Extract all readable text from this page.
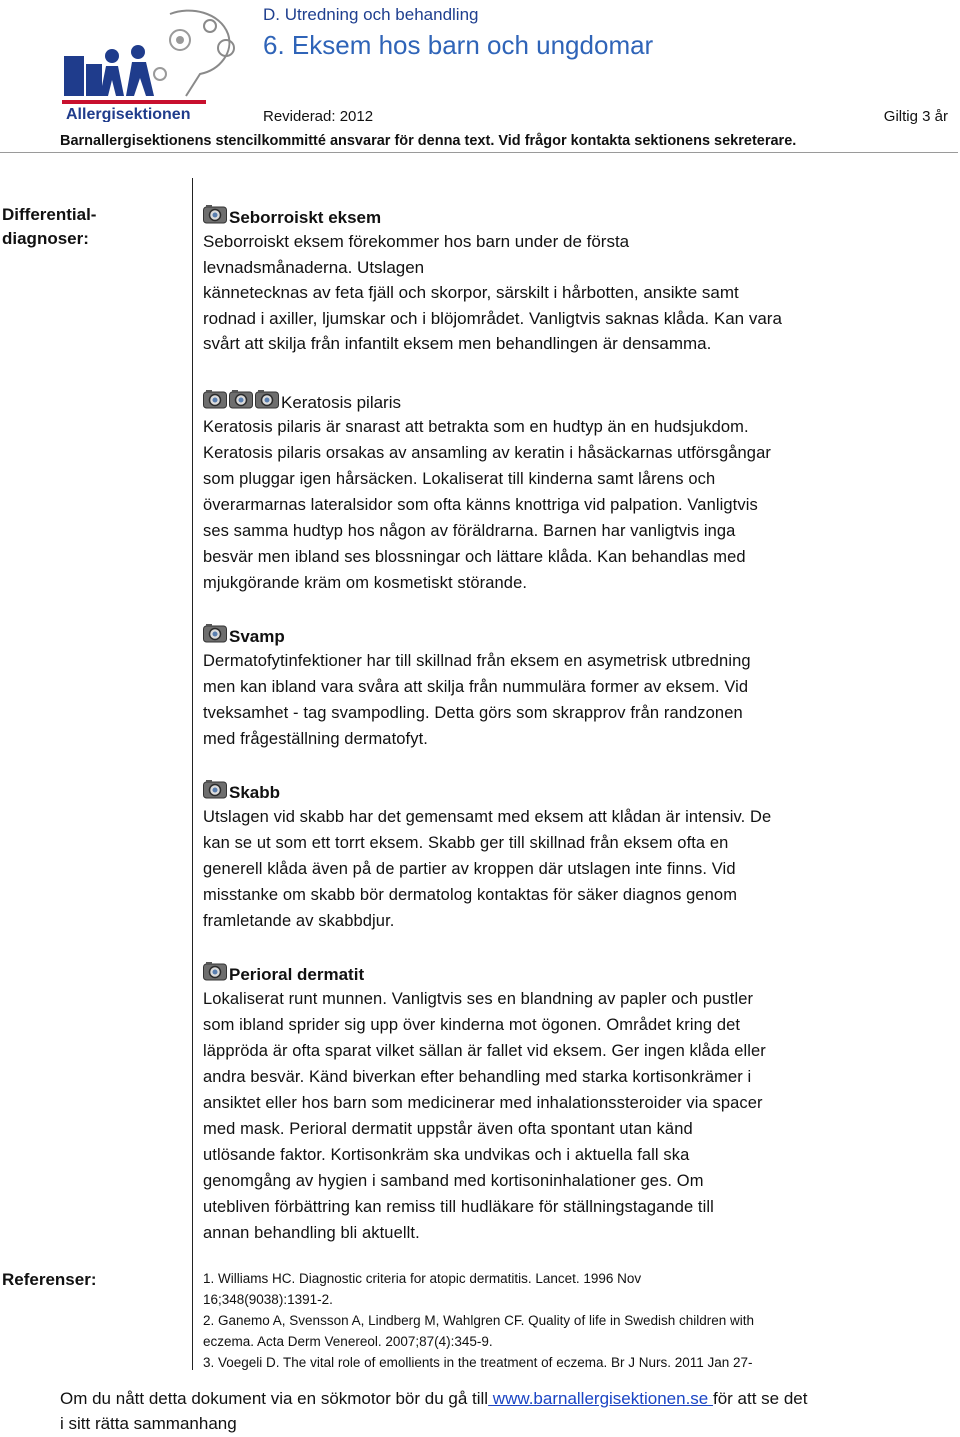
Allergisektionen
D. Utredning och behandling
6. Eksem hos barn och ungdomar
Reviderad: 2012	Giltig 3 år
Barnallergisektionens stencilkommitté ansvarar för denna text. Vid frågor kontakta sektionens sekreterare.
Differential-diagnoser:
Referenser:
Seborroiskt eksem

Seborroiskt eksem förekommer hos barn under de första
levnadsmånaderna. Utslagen
kännetecknas av feta fjäll och skorpor, särskilt i hårbotten, ansikte samt
rodnad i axiller, ljumskar och i blöjområdet. Vanligtvis saknas klåda. Kan vara
svårt att skilja från infantilt eksem men behandlingen är densamma.

Keratosis pilaris

Keratosis pilaris är snarast att betrakta som en hudtyp än en hudsjukdom.
Keratosis pilaris orsakas av ansamling av keratin i håsäckarnas utförsgångar
som pluggar igen hårsäcken. Lokaliserat till kinderna samt lårens och
överarmarnas lateralsidor som ofta känns knottriga vid palpation. Vanligtvis
ses samma hudtyp hos någon av föräldrarna. Barnen har vanligtvis inga
besvär men ibland ses blossningar och lättare klåda. Kan behandlas med
mjukgörande kräm om kosmetiskt störande.

Svamp

Dermatofytinfektioner har till skillnad från eksem en asymetrisk utbredning
men kan ibland vara svåra att skilja från nummulära former av eksem. Vid
tveksamhet - tag svampodling. Detta görs som skrapprov från randzonen
med frågeställning dermatofyt.

Skabb

Utslagen vid skabb har det gemensamt med eksem att klådan är intensiv. De
kan se ut som ett torrt eksem. Skabb ger till skillnad från eksem ofta en
generell klåda även på de partier av kroppen där utslagen inte finns. Vid
misstanke om skabb bör dermatolog kontaktas för säker diagnos genom
framletande av skabbdjur.

Perioral dermatit

Lokaliserat runt munnen. Vanligtvis ses en blandning av papler och pustler
som ibland sprider sig upp över kinderna mot ögonen. Området kring det
läppröda är ofta sparat vilket sällan är fallet vid eksem. Ger ingen klåda eller
andra besvär. Känd biverkan efter behandling med starka kortisonkrämer i
ansiktet eller hos barn som medicinerar med inhalationssteroider via spacer
med mask. Perioral dermatit uppstår även ofta spontant utan känd
utlösande faktor. Kortisonkräm ska undvikas och i aktuella fall ska
genomgång av hygien i samband med kortisoninhalationer ges. Om
utebliven förbättring kan remiss till hudläkare för ställningstagande till
annan behandling bli aktuellt.

1. Williams HC. Diagnostic criteria for atopic dermatitis. Lancet. 1996 Nov
16;348(9038):1391-2.
2. Ganemo A, Svensson A, Lindberg M, Wahlgren CF. Quality of life in Swedish children with
eczema. Acta Derm Venereol. 2007;87(4):345-9.
3. Voegeli D. The vital role of emollients in the treatment of eczema. Br J Nurs. 2011 Jan 27-
Om du nått detta dokument via en sökmotor bör du gå till www.barnallergisektionen.se för att se det
i sitt rätta sammanhang
